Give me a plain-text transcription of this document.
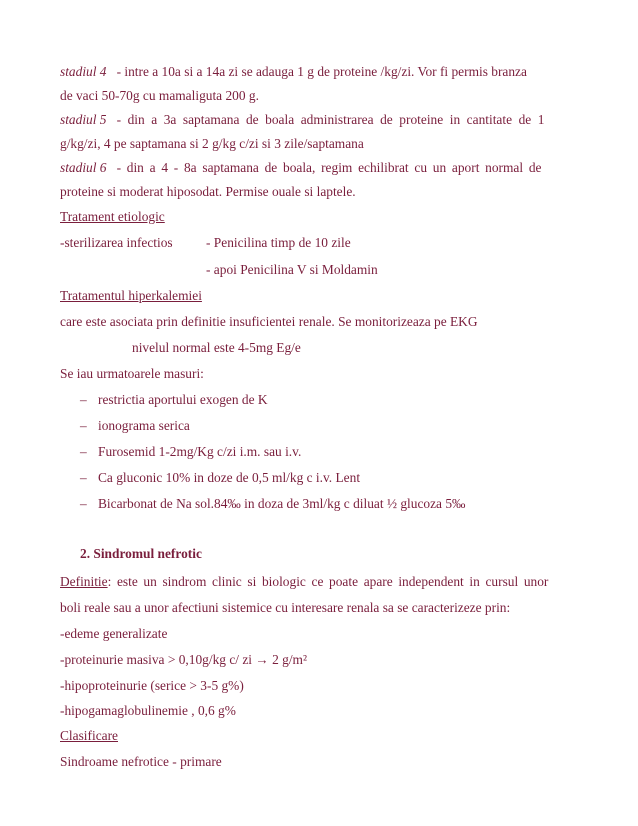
stadiul 4 - intre a 10a si a 14a zi se adauga 1 g de proteine /kg/zi. Vor fi permis branza
de vaci 50-70g cu mamaliguta 200 g.
stadiul 5 - din a 3a saptamana de boala administrarea de proteine in cantitate de 1
g/kg/zi, 4 pe saptamana si 2 g/kg c/zi si 3 zile/saptamana
stadiul 6 - din a 4 - 8a saptamana de boala, regim echilibrat cu un aport normal de
proteine si moderat hiposodat. Permise ouale si laptele.
Tratament etiologic
-sterilizarea infectios - Penicilina timp de 10 zile
- apoi Penicilina V si Moldamin
Tratamentul hiperkalemiei
care este asociata prin definitie insuficientei renale. Se monitorizeaza pe EKG
nivelul normal este 4-5mg Eg/e
Se iau urmatoarele masuri:
– restrictia aportului exogen de K
– ionograma serica
– Furosemid 1-2mg/Kg c/zi i.m. sau i.v.
– Ca gluconic 10% in doze de 0,5 ml/kg c i.v. Lent
– Bicarbonat de Na sol.84‰ in doza de 3ml/kg c diluat ½ glucoza 5‰
2. Sindromul nefrotic
Definitie: este un sindrom clinic si biologic ce poate apare independent in cursul unor
boli reale sau a unor afectiuni sistemice cu interesare renala sa se caracterizeze prin:
-edeme generalizate
-proteinurie masiva > 0,10g/kg c/ zi → 2 g/m²
-hipoproteinurie (serice > 3-5 g%)
-hipogamaglobulinemie , 0,6 g%
Clasificare
Sindroame nefrotice - primare
